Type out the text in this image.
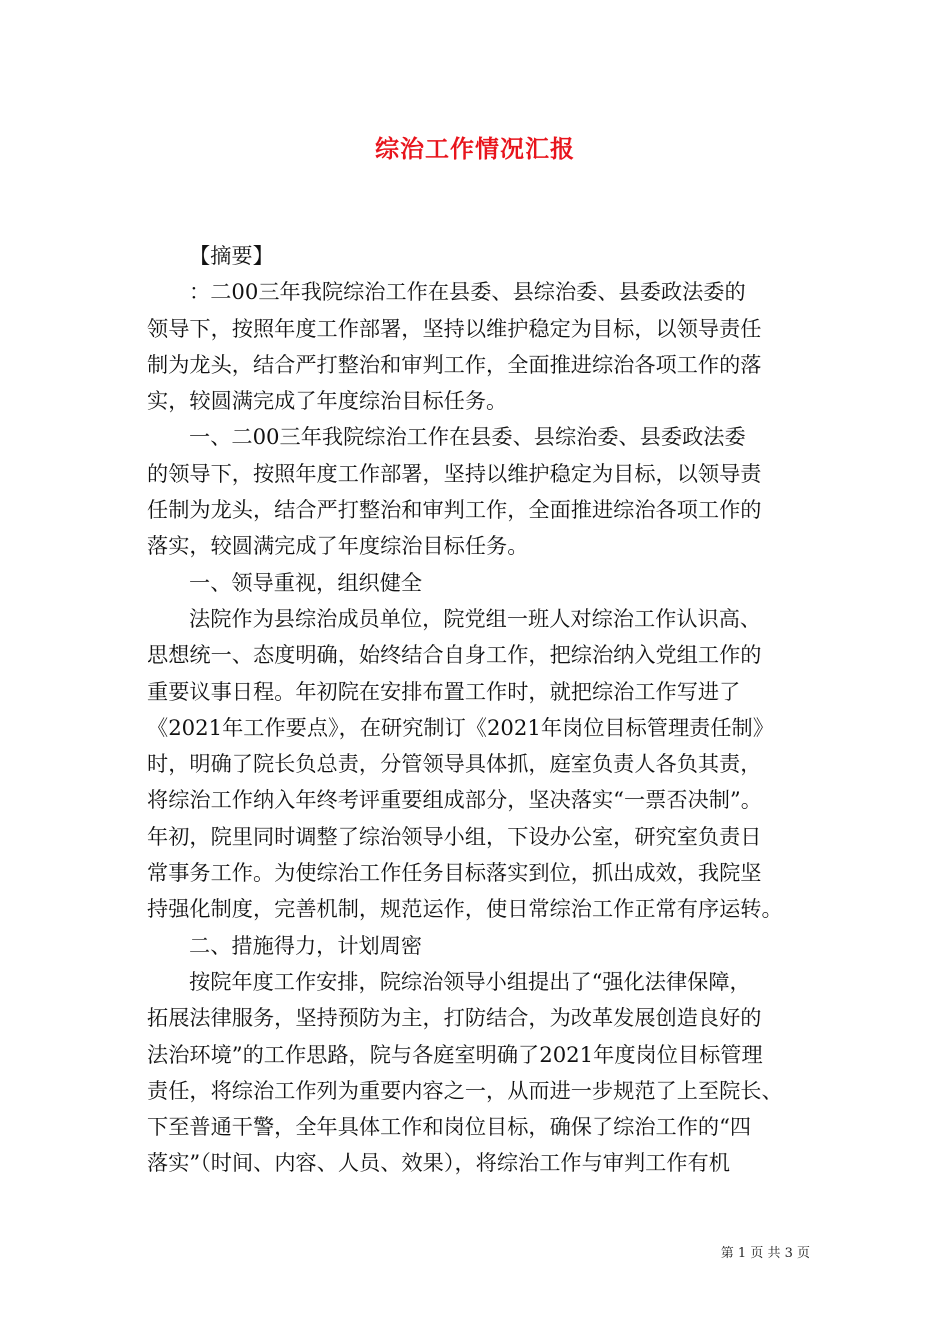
综治工作情况汇报
【摘要】
：二00三年我院综治工作在县委、县综治委、县委政法委的
领导下，按照年度工作部署，坚持以维护稳定为目标，以领导责任
制为龙头，结合严打整治和审判工作，全面推进综治各项工作的落
实，较圆满完成了年度综治目标任务。
一、二00三年我院综治工作在县委、县综治委、县委政法委
的领导下，按照年度工作部署，坚持以维护稳定为目标，以领导责
任制为龙头，结合严打整治和审判工作，全面推进综治各项工作的
落实，较圆满完成了年度综治目标任务。
一、领导重视，组织健全
法院作为县综治成员单位，院党组一班人对综治工作认识高、
思想统一、态度明确，始终结合自身工作，把综治纳入党组工作的
重要议事日程。年初院在安排布置工作时，就把综治工作写进了
《2021年工作要点》，在研究制订《2021年岗位目标管理责任制》
时，明确了院长负总责，分管领导具体抓，庭室负责人各负其责，
将综治工作纳入年终考评重要组成部分，坚决落实“一票否决制”。
年初，院里同时调整了综治领导小组，下设办公室，研究室负责日
常事务工作。为使综治工作任务目标落实到位，抓出成效，我院坚
持强化制度，完善机制，规范运作，使日常综治工作正常有序运转。
二、措施得力，计划周密
按院年度工作安排，院综治领导小组提出了“强化法律保障，
拓展法律服务，坚持预防为主，打防结合，为改革发展创造良好的
法治环境”的工作思路，院与各庭室明确了2021年度岗位目标管理
责任，将综治工作列为重要内容之一，从而进一步规范了上至院长、
下至普通干警，全年具体工作和岗位目标，确保了综治工作的“四
落实”（时间、内容、人员、效果），将综治工作与审判工作有机
第 1 页 共 3 页
